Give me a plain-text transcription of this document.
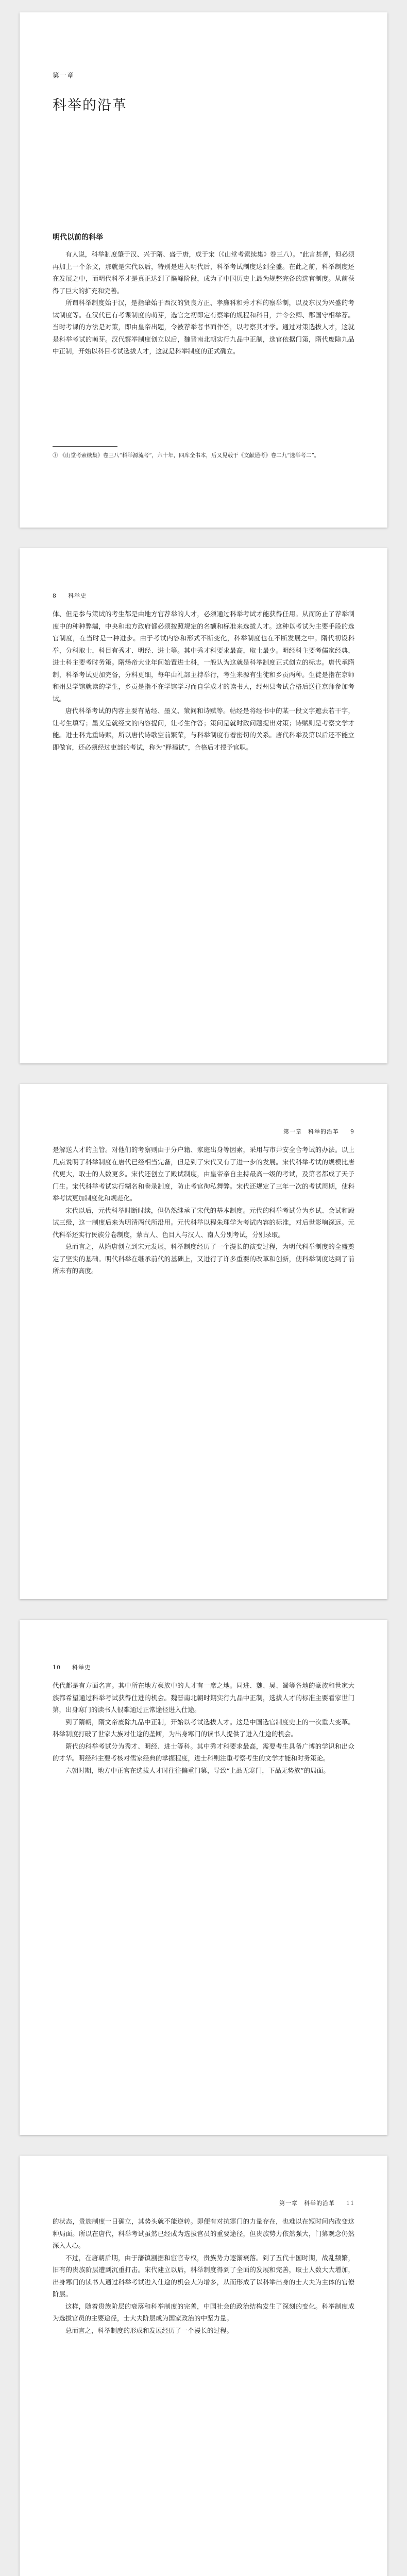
第一章
科举的沿革
明代以前的科举

有人说，科举制度肇于汉、兴于隋、盛于唐，成于宋（《山堂考索续集》卷三八）。“此言甚善，但必须再加上一个条文，那就是宋代以后，特别是进入明代后，科举考试制度达到全盛。在此之前，科举制度还在发展之中，而明代科举才是真正达到了巅峰阶段，成为了中国历史上最为规整完备的选官制度。从前获得了巨大的扩充和完善。

所谓科举制度始于汉，是指肇始于西汉的贤良方正、孝廉科和秀才科的察举制，以及东汉为兴盛的考试制度等。在汉代已有考课制度的萌芽，选官之初即定有察举的规程和科目，并令公卿、郡国守相举荐。当时考课的方法是对策，即由皇帝出题，令被荐举者书面作答，以考察其才学。通过对策选拔人才，这就是科举考试的萌芽。汉代察举制度创立以后，魏晋南北朝实行九品中正制，选官依据门第，隋代废除九品中正制，开始以科目考试选拔人才，这就是科举制度的正式确立。

① 《山堂考索续集》卷三八“科举源流考”，六十年，四库全书本，后又见载于《文献通考》卷二九“选举考二”。
8 科举史

体、但是参与策试的考生都是由地方官荐举的人才，必须通过科举考试才能获得任用。从而防止了荐举制度中的种种弊端，中央和地方政府都必须按照规定的名额和标准来选拔人才。这种以考试为主要手段的选官制度，在当时是一种进步。由于考试内容和形式不断变化，科举制度也在不断发展之中。隋代初设科举，分科取士，科目有秀才、明经、进士等。其中秀才科要求最高，取士最少。明经科主要考儒家经典，进士科主要考时务策。隋炀帝大业年间始置进士科，一般认为这就是科举制度正式创立的标志。唐代承隋制，科举考试更加完备，分科更细，每年由礼部主持举行，考生来源有生徒和乡贡两种。生徒是指在京师和州县学馆就读的学生，乡贡是指不在学馆学习而自学成才的读书人，经州县考试合格后送往京师参加考试。

唐代科举考试的内容主要有帖经、墨义、策问和诗赋等。帖经是将经书中的某一段文字遮去若干字，让考生填写；墨义是就经文的内容提问，让考生作答；策问是就时政问题提出对策；诗赋则是考察文学才能。进士科尤重诗赋，所以唐代诗歌空前繁荣，与科举制度有着密切的关系。唐代科举及第以后还不能立即做官，还必须经过吏部的考试，称为“释褐试”，合格后才授予官职。

第一章　科举的沿革 9

是解送人才的主管。对他们的考察则由于分户籍、家庭出身等因素，采用与市井安全合考试的办法。以上几点说明了科举制度在唐代已经相当完备，但是到了宋代又有了进一步的发展。宋代科举考试的规模比唐代更大，取士的人数更多。宋代还创立了殿试制度，由皇帝亲自主持最高一级的考试，及第者都成了天子门生。宋代科举考试实行糊名和誊录制度，防止考官徇私舞弊。宋代还规定了三年一次的考试周期，使科举考试更加制度化和规范化。

宋代以后，元代科举时断时续，但仍然继承了宋代的基本制度。元代的科举考试分为乡试、会试和殿试三级，这一制度后来为明清两代所沿用。元代科举以程朱理学为考试内容的标准，对后世影响深远。元代科举还实行民族分卷制度，蒙古人、色目人与汉人、南人分别考试，分别录取。

总而言之，从隋唐创立到宋元发展，科举制度经历了一个漫长的演变过程，为明代科举制度的全盛奠定了坚实的基础。明代科举在继承前代的基础上，又进行了许多重要的改革和创新，使科举制度达到了前所未有的高度。

10 科举史

代代都是有方面名言。其中所在地方豪族中的人才有一席之地。同进、魏、吴、蜀等各地的豪族和世家大族都希望通过科举考试获得仕进的机会。魏晋南北朝时期实行九品中正制，选拔人才的标准主要看家世门第，出身寒门的读书人很难通过正常途径进入仕途。

到了隋朝，隋文帝废除九品中正制，开始以考试选拔人才。这是中国选官制度史上的一次重大变革。科举制度打破了世家大族对仕途的垄断，为出身寒门的读书人提供了进入仕途的机会。

隋代的科举考试分为秀才、明经、进士等科。其中秀才科要求最高，需要考生具备广博的学识和出众的才华。明经科主要考核对儒家经典的掌握程度，进士科则注重考察考生的文学才能和时务策论。

六朝时期，地方中正官在选拔人才时往往偏重门第，导致“上品无寒门，下品无势族”的局面。

第一章　科举的沿革 11

的状态，贵族制度一日确立，其势头就不能逆转。即便有对抗寒门的力量存在，也难以在短时间内改变这种局面。所以在唐代，科举考试虽然已经成为选拔官员的重要途径，但贵族势力依然强大，门第观念仍然深入人心。

不过，在唐朝后期，由于藩镇割据和宦官专权，贵族势力逐渐衰落。到了五代十国时期，战乱频繁，旧有的贵族阶层遭到沉重打击。宋代建立以后，科举制度得到了全面的发展和完善，取士人数大大增加，出身寒门的读书人通过科举考试进入仕途的机会大为增多，从而形成了以科举出身的士大夫为主体的官僚阶层。

这样，随着贵族阶层的衰落和科举制度的完善，中国社会的政治结构发生了深刻的变化。科举制度成为选拔官员的主要途径，士大夫阶层成为国家政治的中坚力量。

总而言之，科举制度的形成和发展经历了一个漫长的过程。
